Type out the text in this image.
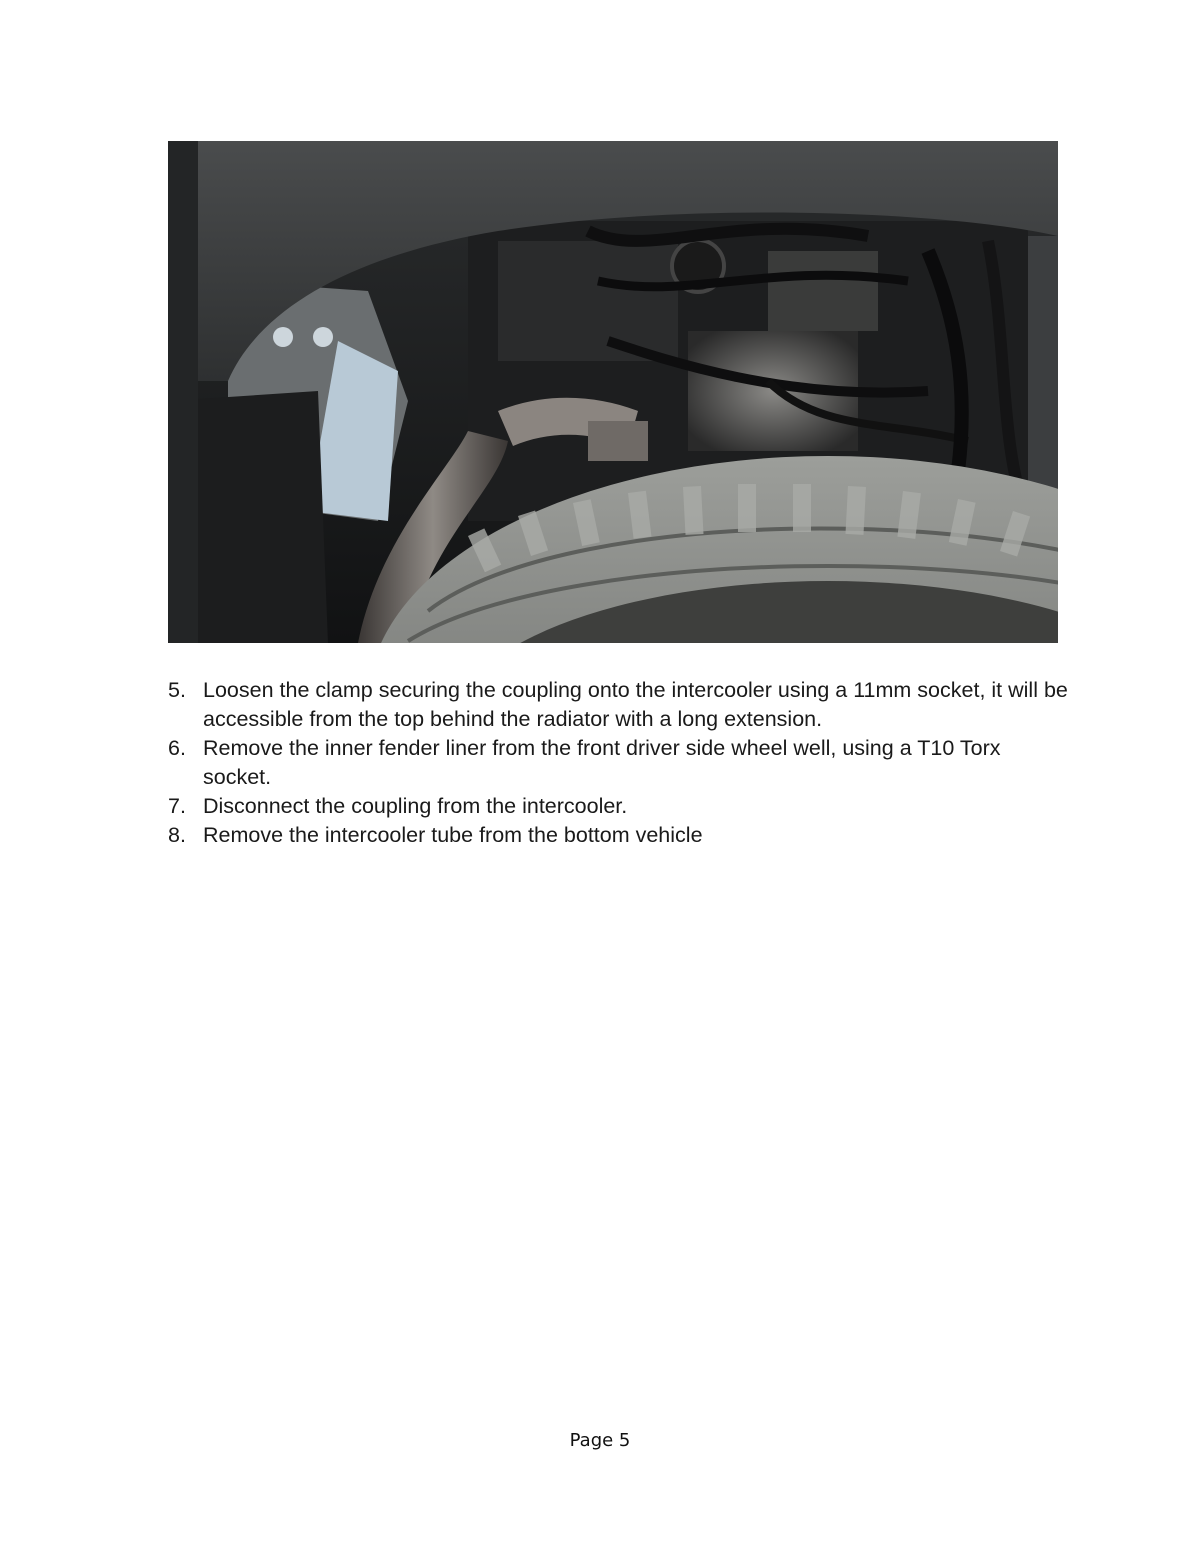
5. Loosen the clamp securing the coupling onto the intercooler using a 11mm socket, it will be accessible from the top behind the radiator with a long extension.
6. Remove the inner fender liner from the front driver side wheel well, using a T10 Torx socket.
7. Disconnect the coupling from the intercooler.
8. Remove the intercooler tube from the bottom vehicle
Page 5
